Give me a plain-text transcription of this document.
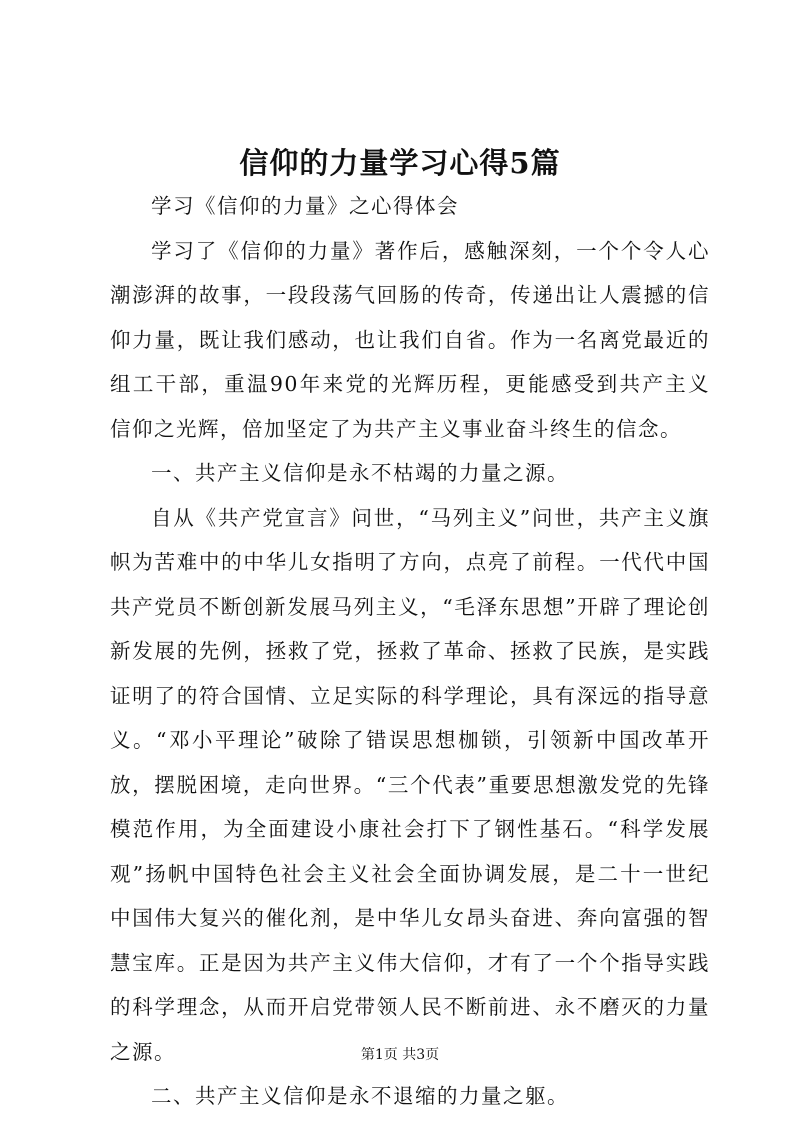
信仰的力量学习心得5篇

学习《信仰的力量》之心得体会

学习了《信仰的力量》著作后，感触深刻，一个个令人心潮澎湃的故事，一段段荡气回肠的传奇，传递出让人震撼的信仰力量，既让我们感动，也让我们自省。作为一名离党最近的组工干部，重温90年来党的光辉历程，更能感受到共产主义信仰之光辉，倍加坚定了为共产主义事业奋斗终生的信念。

一、共产主义信仰是永不枯竭的力量之源。

自从《共产党宣言》问世，“马列主义”问世，共产主义旗帜为苦难中的中华儿女指明了方向，点亮了前程。一代代中国共产党员不断创新发展马列主义，“毛泽东思想”开辟了理论创新发展的先例，拯救了党，拯救了革命、拯救了民族，是实践证明了的符合国情、立足实际的科学理论，具有深远的指导意义。“邓小平理论”破除了错误思想枷锁，引领新中国改革开放，摆脱困境，走向世界。“三个代表”重要思想激发党的先锋模范作用，为全面建设小康社会打下了钢性基石。“科学发展观”扬帆中国特色社会主义社会全面协调发展，是二十一世纪中国伟大复兴的催化剂，是中华儿女昂头奋进、奔向富强的智慧宝库。正是因为共产主义伟大信仰，才有了一个个指导实践的科学理念，从而开启党带领人民不断前进、永不磨灭的力量之源。

二、共产主义信仰是永不退缩的力量之躯。

第1页 共3页
